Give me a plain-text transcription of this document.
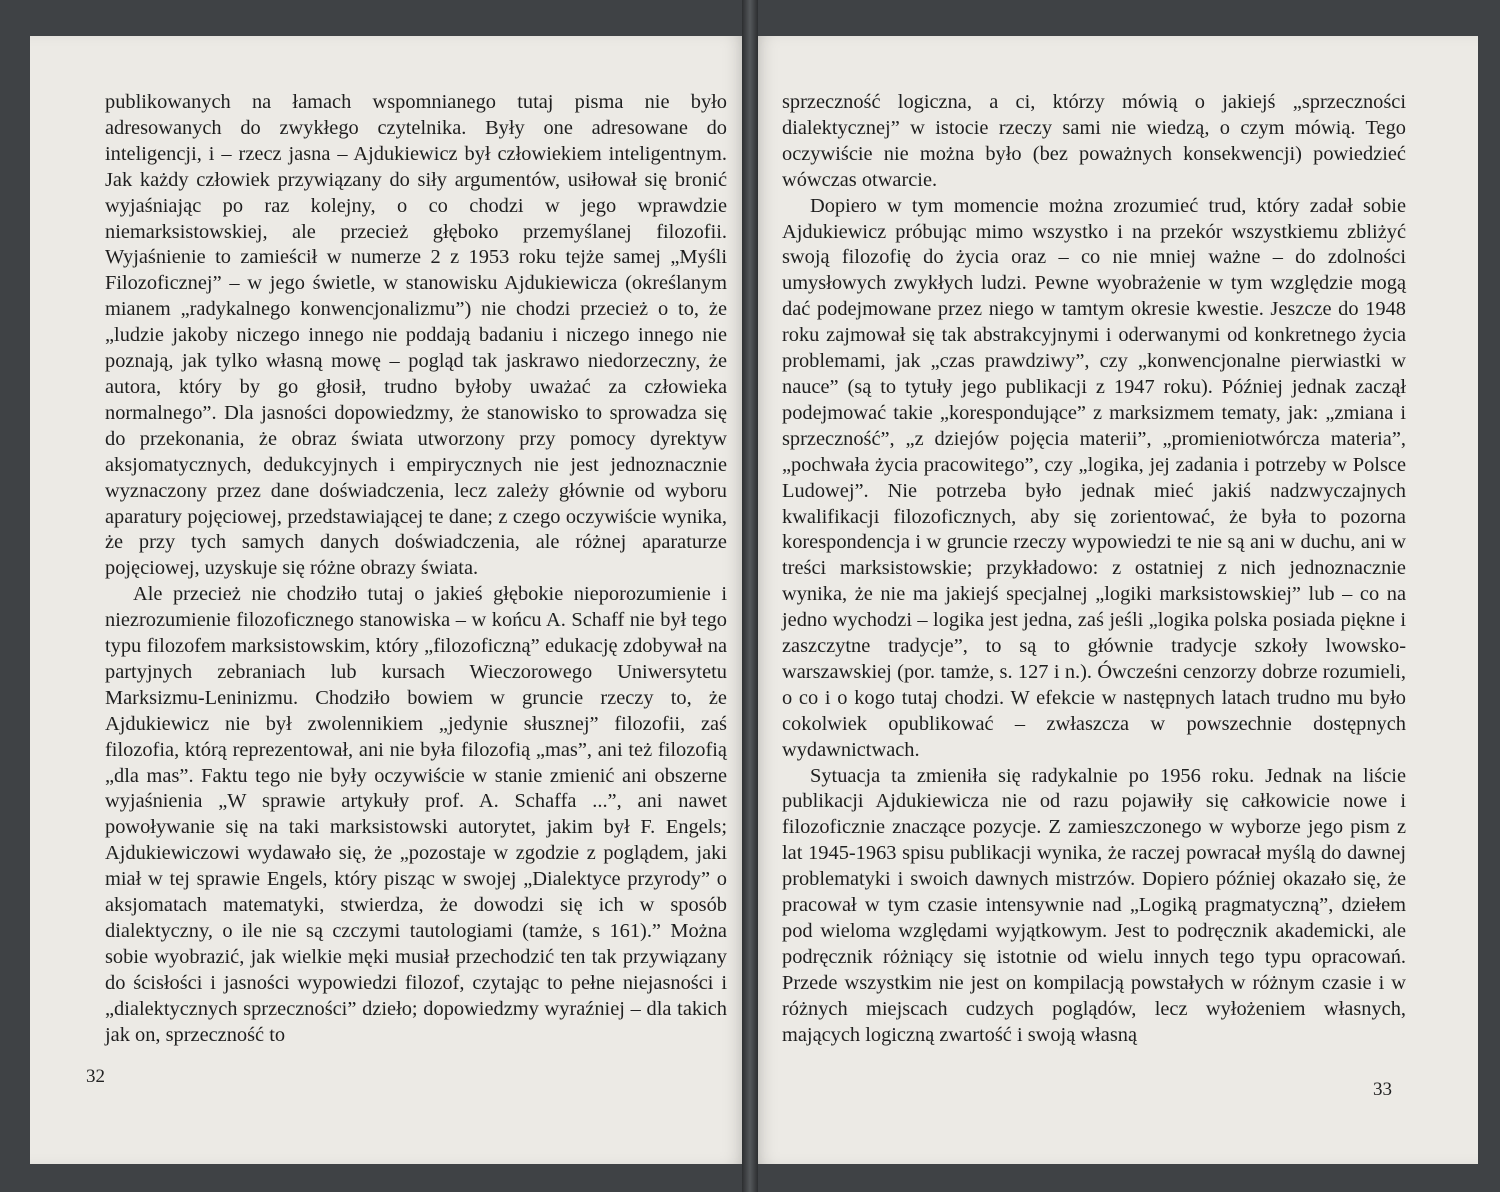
publikowanych na łamach wspomnianego tutaj pisma nie było adresowanych do zwykłego czytelnika. Były one adresowane do inteligencji, i – rzecz jasna – Ajdukiewicz był człowiekiem inteligentnym. Jak każdy człowiek przywiązany do siły argumentów, usiłował się bronić wyjaśniając po raz kolejny, o co chodzi w jego wprawdzie niemarksistowskiej, ale przecież głęboko przemyślanej filozofii. Wyjaśnienie to zamieścił w numerze 2 z 1953 roku tejże samej „Myśli Filozoficznej” – w jego świetle, w stanowisku Ajdukiewicza (określanym mianem „radykalnego konwencjonalizmu”) nie chodzi przecież o to, że „ludzie jakoby niczego innego nie poddają badaniu i niczego innego nie poznają, jak tylko własną mowę – pogląd tak jaskrawo niedorzeczny, że autora, który by go głosił, trudno byłoby uważać za człowieka normalnego”. Dla jasności dopowiedzmy, że stanowisko to sprowadza się do przekonania, że obraz świata utworzony przy pomocy dyrektyw aksjomatycznych, dedukcyjnych i empirycznych nie jest jednoznacznie wyznaczony przez dane doświadczenia, lecz zależy głównie od wyboru aparatury pojęciowej, przedstawiającej te dane; z czego oczywiście wynika, że przy tych samych danych doświadczenia, ale różnej aparaturze pojęciowej, uzyskuje się różne obrazy świata.

Ale przecież nie chodziło tutaj o jakieś głębokie nieporozumienie i niezrozumienie filozoficznego stanowiska – w końcu A. Schaff nie był tego typu filozofem marksistowskim, który „filozoficzną” edukację zdobywał na partyjnych zebraniach lub kursach Wieczorowego Uniwersytetu Marksizmu-Leninizmu. Chodziło bowiem w gruncie rzeczy to, że Ajdukiewicz nie był zwolennikiem „jedynie słusznej” filozofii, zaś filozofia, którą reprezentował, ani nie była filozofią „mas”, ani też filozofią „dla mas”. Faktu tego nie były oczywiście w stanie zmienić ani obszerne wyjaśnienia „W sprawie artykuły prof. A. Schaffa ...”, ani nawet powoływanie się na taki marksistowski autorytet, jakim był F. Engels; Ajdukiewiczowi wydawało się, że „pozostaje w zgodzie z poglądem, jaki miał w tej sprawie Engels, który pisząc w swojej „Dialektyce przyrody” o aksjomatach matematyki, stwierdza, że dowodzi się ich w sposób dialektyczny, o ile nie są czczymi tautologiami (tamże, s 161).” Można sobie wyobrazić, jak wielkie męki musiał przechodzić ten tak przywiązany do ścisłości i jasności wypowiedzi filozof, czytając to pełne niejasności i „dialektycznych sprzeczności” dzieło; dopowiedzmy wyraźniej – dla takich jak on, sprzeczność to

32

sprzeczność logiczna, a ci, którzy mówią o jakiejś „sprzeczności dialektycznej” w istocie rzeczy sami nie wiedzą, o czym mówią. Tego oczywiście nie można było (bez poważnych konsekwencji) powiedzieć wówczas otwarcie.

Dopiero w tym momencie można zrozumieć trud, który zadał sobie Ajdukiewicz próbując mimo wszystko i na przekór wszystkiemu zbliżyć swoją filozofię do życia oraz – co nie mniej ważne – do zdolności umysłowych zwykłych ludzi. Pewne wyobrażenie w tym względzie mogą dać podejmowane przez niego w tamtym okresie kwestie. Jeszcze do 1948 roku zajmował się tak abstrakcyjnymi i oderwanymi od konkretnego życia problemami, jak „czas prawdziwy”, czy „konwencjonalne pierwiastki w nauce” (są to tytuły jego publikacji z 1947 roku). Później jednak zaczął podejmować takie „korespondujące” z marksizmem tematy, jak: „zmiana i sprzeczność”, „z dziejów pojęcia materii”, „promieniotwórcza materia”, „pochwała życia pracowitego”, czy „logika, jej zadania i potrzeby w Polsce Ludowej”. Nie potrzeba było jednak mieć jakiś nadzwyczajnych kwalifikacji filozoficznych, aby się zorientować, że była to pozorna korespondencja i w gruncie rzeczy wypowiedzi te nie są ani w duchu, ani w treści marksistowskie; przykładowo: z ostatniej z nich jednoznacznie wynika, że nie ma jakiejś specjalnej „logiki marksistowskiej” lub – co na jedno wychodzi – logika jest jedna, zaś jeśli „logika polska posiada piękne i zaszczytne tradycje”, to są to głównie tradycje szkoły lwowsko-warszawskiej (por. tamże, s. 127 i n.). Ówcześni cenzorzy dobrze rozumieli, o co i o kogo tutaj chodzi. W efekcie w następnych latach trudno mu było cokolwiek opublikować – zwłaszcza w powszechnie dostępnych wydawnictwach.

Sytuacja ta zmieniła się radykalnie po 1956 roku. Jednak na liście publikacji Ajdukiewicza nie od razu pojawiły się całkowicie nowe i filozoficznie znaczące pozycje. Z zamieszczonego w wyborze jego pism z lat 1945-1963 spisu publikacji wynika, że raczej powracał myślą do dawnej problematyki i swoich dawnych mistrzów. Dopiero później okazało się, że pracował w tym czasie intensywnie nad „Logiką pragmatyczną”, dziełem pod wieloma względami wyjątkowym. Jest to podręcznik akademicki, ale podręcznik różniący się istotnie od wielu innych tego typu opracowań. Przede wszystkim nie jest on kompilacją powstałych w różnym czasie i w różnych miejscach cudzych poglądów, lecz wyłożeniem własnych, mających logiczną zwartość i swoją własną

33
